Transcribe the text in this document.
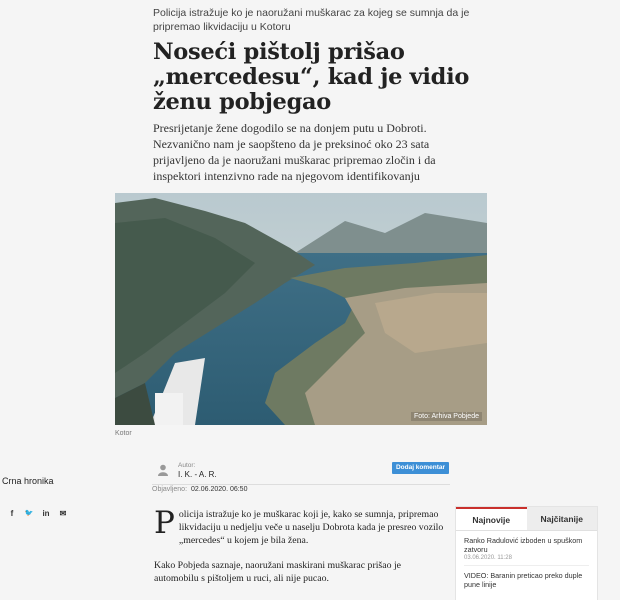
Policija istražuje ko je naoružani muškarac za kojeg se sumnja da je pripremao likvidaciju u Kotoru
Noseći pištolj prišao „mercedesu“, kad je vidio ženu pobjegao
Presrijetanje žene dogodilo se na donjem putu u Dobroti. Nezvanično nam je saopšteno da je preksinoć oko 23 sata prijavljeno da je naoružani muškarac pripremao zločin i da inspektori intenzivno rade na njegovom identifikovanju
Foto: Arhiva Pobjede
Kotor
Crna hronika
Autor:
I. K. - A. R.
Dodaj komentar
Objavljeno: 02.06.2020. 06:50
f	🐦	in	✉	Policija istražuje ko je muškarac koji je, kako se sumnja, pripremao likvidaciju u nedjelju veče u naselju Dobrota kada je presreo vozilo „mercedes“ u kojem je bila žena.

Kako Pobjeda saznaje, naoružani maskirani muškarac prišao je automobilu s pištoljem u ruci, ali nije pucao.

Najnovije	Najčitanije
Ranko Radulović izboden u spuškom zatvoru
03.06.2020. 11:28
VIDEO: Baranin preticao preko duple pune linije
